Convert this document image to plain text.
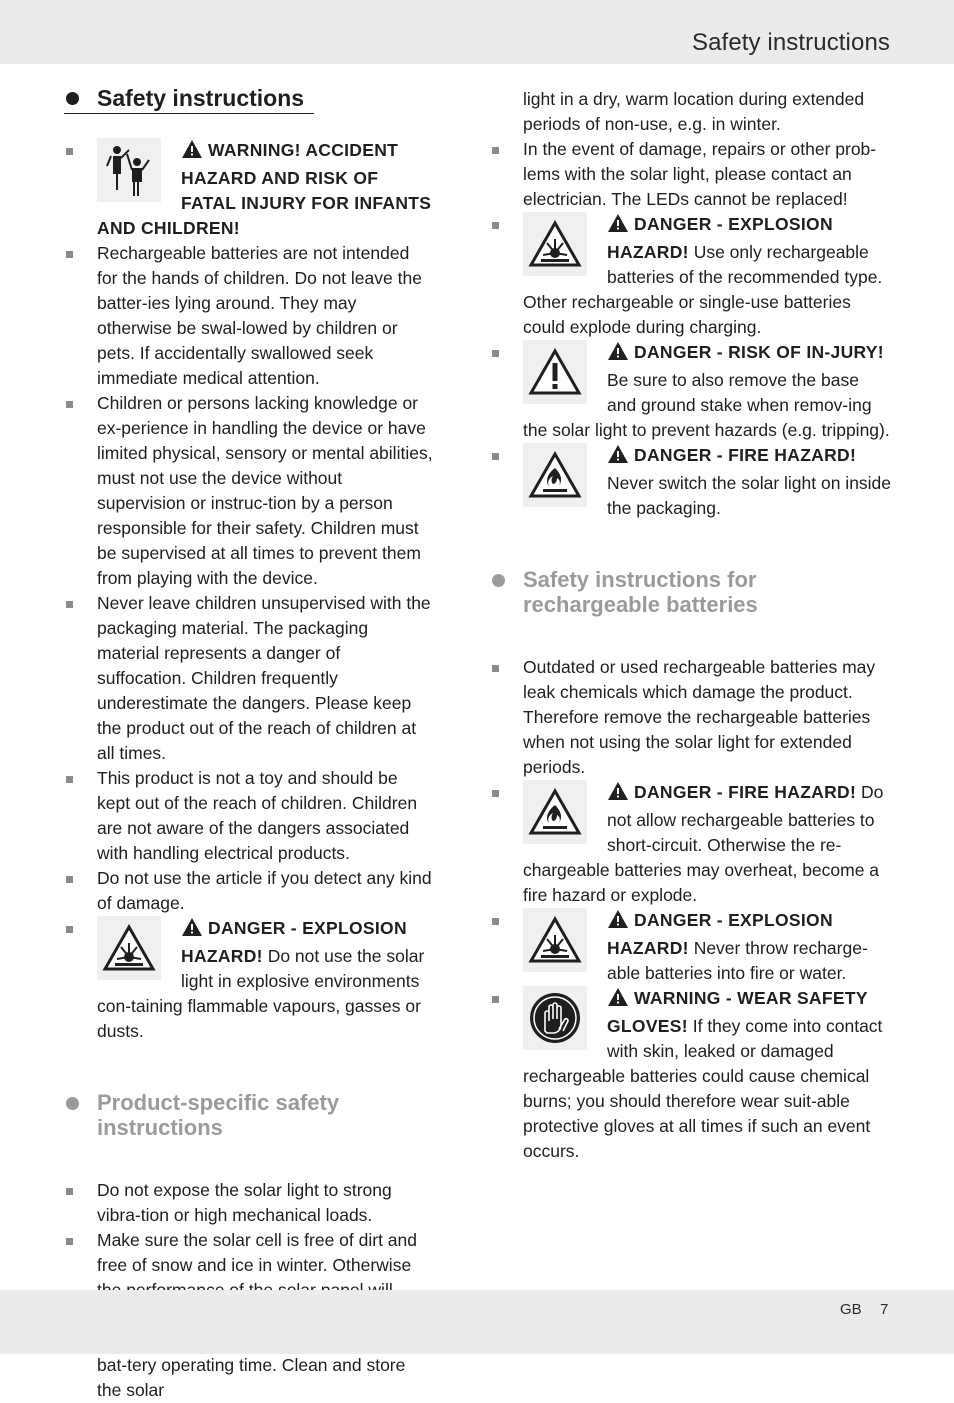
Safety instructions
Safety instructions
WARNING! ACCIDENT HAZARD AND RISK OF FATAL INJURY FOR INFANTS AND CHILDREN!
Rechargeable batteries are not intended for the hands of children. Do not leave the batter-ies lying around. They may otherwise be swal-lowed by children or pets. If accidentally swallowed seek immediate medical attention.
Children or persons lacking knowledge or ex-perience in handling the device or have limited physical, sensory or mental abilities, must not use the device without supervision or instruc-tion by a person responsible for their safety. Children must be supervised at all times to prevent them from playing with the device.
Never leave children unsupervised with the packaging material. The packaging material represents a danger of suffocation. Children frequently underestimate the dangers. Please keep the product out of the reach of children at all times.
This product is not a toy and should be kept out of the reach of children. Children are not aware of the dangers associated with handling electrical products.
Do not use the article if you detect any kind of damage.
DANGER - EXPLOSION HAZARD! Do not use the solar light in explosive environments con-taining flammable vapours, gasses or dusts.
Product-specific safety instructions
Do not expose the solar light to strong vibra-tion or high mechanical loads.
Make sure the solar cell is free of dirt and free of snow and ice in winter. Otherwise
bat-tery operating time. Clean and store the solar
light in a dry, warm location during extended periods of non-use, e.g. in winter.
In the event of damage, repairs or other prob-lems with the solar light, please contact an electrician. The LEDs cannot be replaced!
DANGER - EXPLOSION HAZARD! Use only rechargeable batteries of the recommended type. Other rechargeable or single-use batteries could explode during charging.
DANGER - RISK OF IN-JURY! Be sure to also remove the base and ground stake when remov-ing the solar light to prevent hazards (e.g. tripping).
DANGER - FIRE HAZARD! Never switch the solar light on inside the packaging.
Safety instructions for rechargeable batteries
Outdated or used rechargeable batteries may leak chemicals which damage the product. Therefore remove the rechargeable batteries when not using the solar light for extended periods.
DANGER - FIRE HAZARD! Do not allow rechargeable batteries to short-circuit. Otherwise the re-chargeable batteries may overheat, become a fire hazard or explode.
DANGER - EXPLOSION HAZARD! Never throw recharge-able batteries into fire or water.
WARNING - WEAR SAFETY GLOVES! If they come into contact with skin, leaked or damaged rechargeable batteries could cause chemical burns; you should therefore wear suit-able protective gloves at all times if such an event occurs.
GB 7
